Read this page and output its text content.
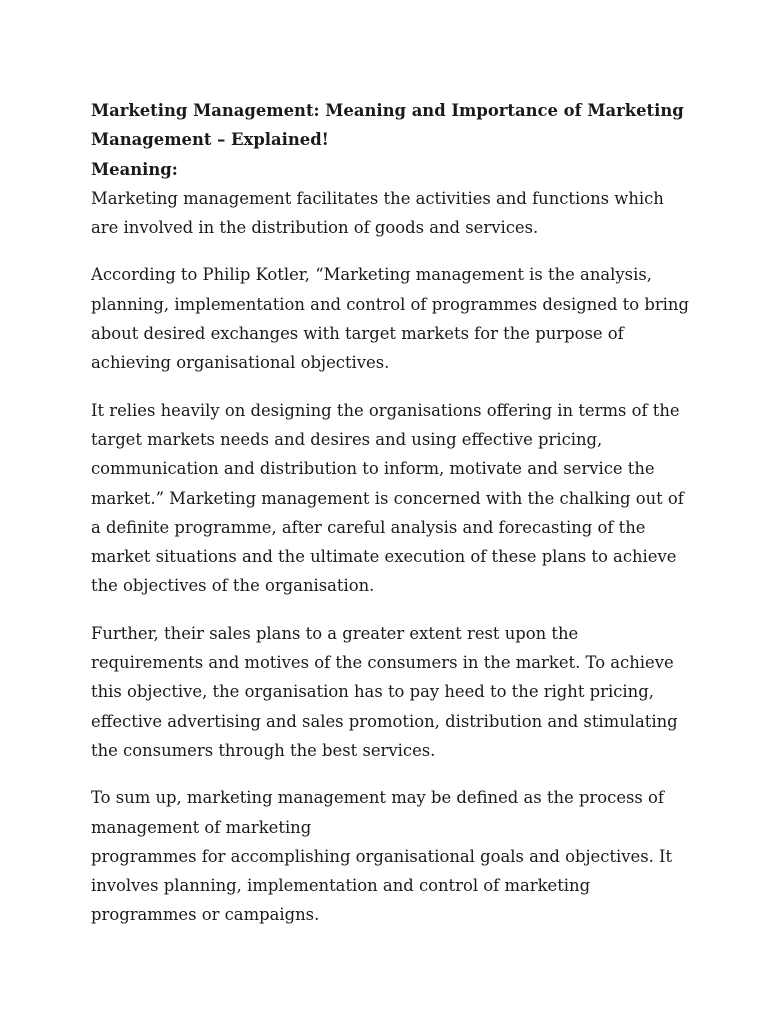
Marketing Management: Meaning and Importance of Marketing Management – Explained!
Meaning:

Marketing management facilitates the activities and functions which are involved in the distribution of goods and services.

According to Philip Kotler, “Marketing management is the analysis, planning, implementation and control of programmes designed to bring about desired exchanges with target markets for the purpose of achieving organisational objectives.

It relies heavily on designing the organisations offering in terms of the target markets needs and desires and using effective pricing, communication and distribution to inform, motivate and service the market.” Marketing management is concerned with the chalking out of a definite programme, after careful analysis and forecasting of the market situations and the ultimate execution of these plans to achieve the objectives of the organisation.

Further, their sales plans to a greater extent rest upon the requirements and motives of the consumers in the market. To achieve this objective, the organisation has to pay heed to the right pricing, effective advertising and sales promotion, distribution and stimulating the consumers through the best services.

To sum up, marketing management may be defined as the process of management of marketing
programmes for accomplishing organisational goals and objectives. It involves planning, implementation and control of marketing programmes or campaigns.
